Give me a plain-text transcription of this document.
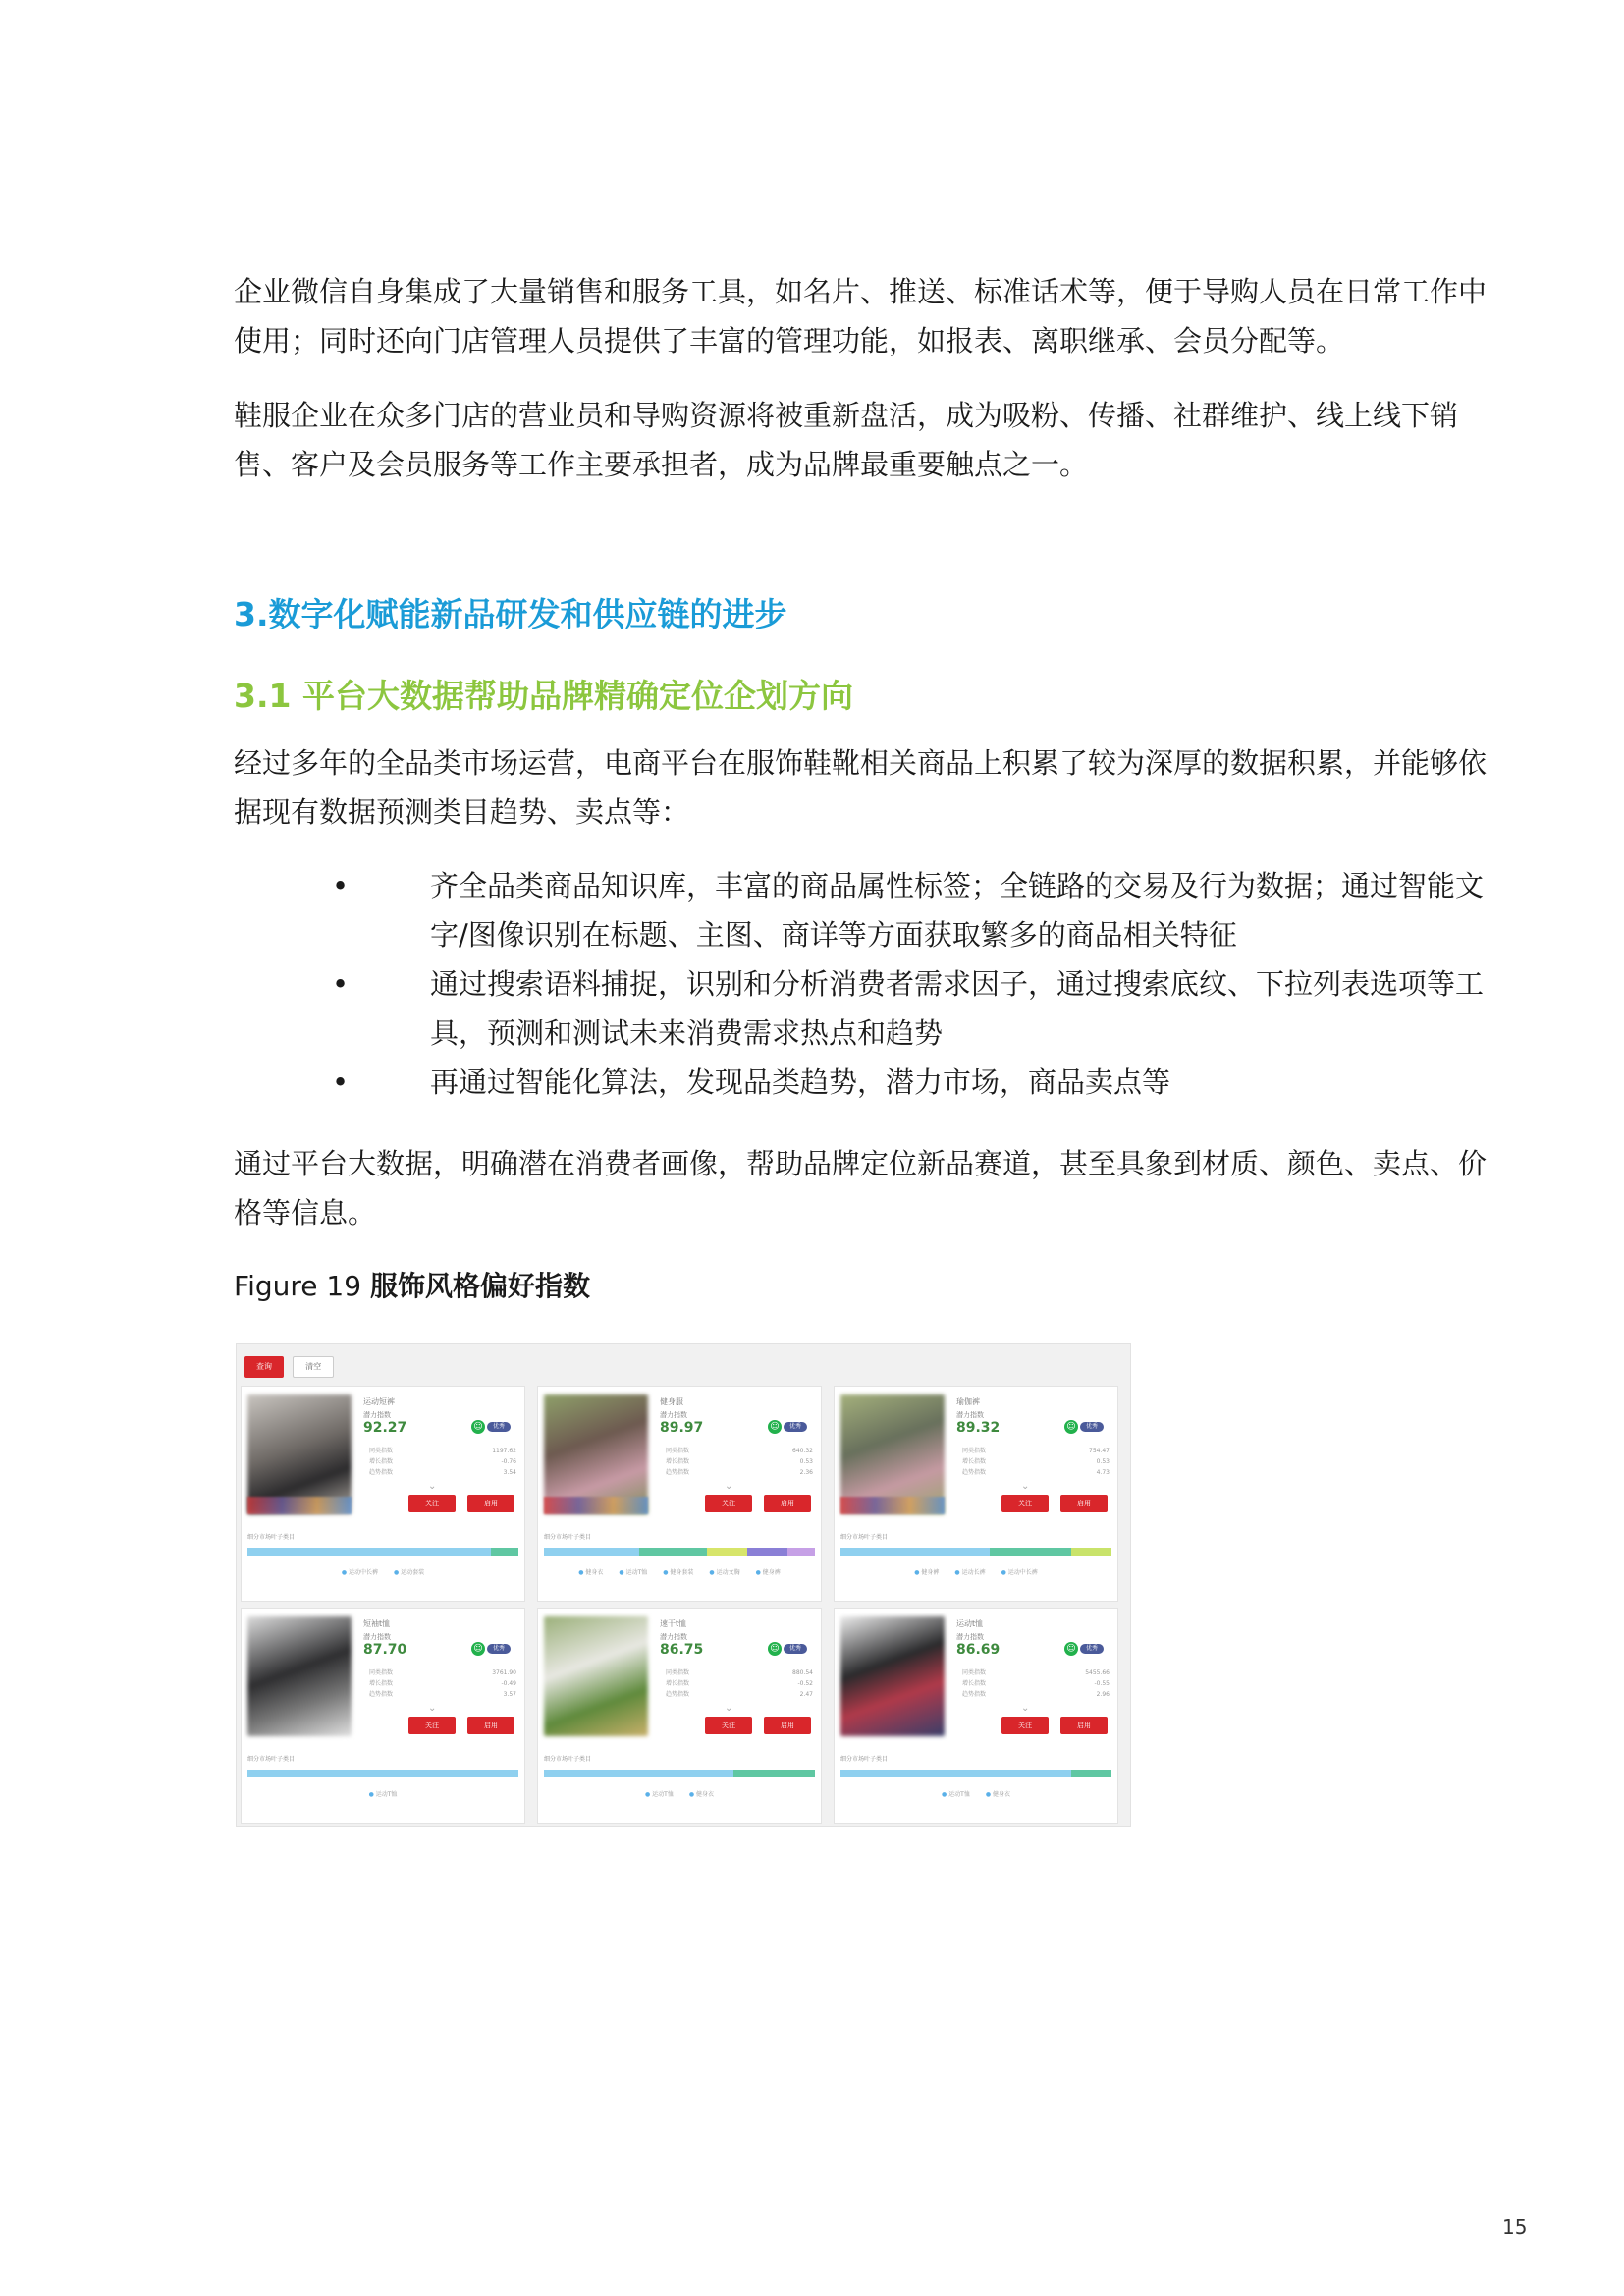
企业微信自身集成了大量销售和服务工具，如名片、推送、标准话术等，便于导购人员在日常工作中使用；同时还向门店管理人员提供了丰富的管理功能，如报表、离职继承、会员分配等。

鞋服企业在众多门店的营业员和导购资源将被重新盘活，成为吸粉、传播、社群维护、线上线下销售、客户及会员服务等工作主要承担者，成为品牌最重要触点之一。

3.数字化赋能新品研发和供应链的进步
3.1 平台大数据帮助品牌精确定位企划方向

经过多年的全品类市场运营，电商平台在服饰鞋靴相关商品上积累了较为深厚的数据积累，并能够依据现有数据预测类目趋势、卖点等：

•	齐全品类商品知识库，丰富的商品属性标签；全链路的交易及行为数据；通过智能文字/图像识别在标题、主图、商详等方面获取繁多的商品相关特征
•	通过搜索语料捕捉，识别和分析消费者需求因子，通过搜索底纹、下拉列表选项等工具，预测和测试未来消费需求热点和趋势
•	再通过智能化算法，发现品类趋势，潜力市场，商品卖点等

通过平台大数据，明确潜在消费者画像，帮助品牌定位新品赛道，甚至具象到材质、颜色、卖点、价格等信息。

Figure 19 服饰风格偏好指数

查询	清空
运动短裤
潜力指数
92.27	☺ 优秀
同类指数	1197.62
增长指数	-0.76
趋势指数	3.54
⌄
关注	启用
细分市场叶子类目
● 运动中长裤	● 运动套装
健身服
潜力指数
89.97	☺ 优秀
同类指数	640.32
增长指数	0.53
趋势指数	2.36
⌄
关注	启用
细分市场叶子类目
● 健身衣	● 运动T恤	● 健身套装	● 运动文胸	● 健身裤
瑜伽裤
潜力指数
89.32	☺ 优秀
同类指数	754.47
增长指数	0.53
趋势指数	4.73
⌄
关注	启用
细分市场叶子类目
● 健身裤	● 运动长裤	● 运动中长裤
短袖t恤
潜力指数
87.70	☺ 优秀
同类指数	3761.90
增长指数	-0.49
趋势指数	3.57
⌄
关注	启用
细分市场叶子类目
● 运动T恤
速干t恤
潜力指数
86.75	☺ 优秀
同类指数	880.54
增长指数	-0.52
趋势指数	2.47
⌄
关注	启用
细分市场叶子类目
● 运动T恤	● 健身衣
运动t恤
潜力指数
86.69	☺ 优秀
同类指数	5455.66
增长指数	-0.55
趋势指数	2.96
⌄
关注	启用
细分市场叶子类目
● 运动T恤	● 健身衣
15
